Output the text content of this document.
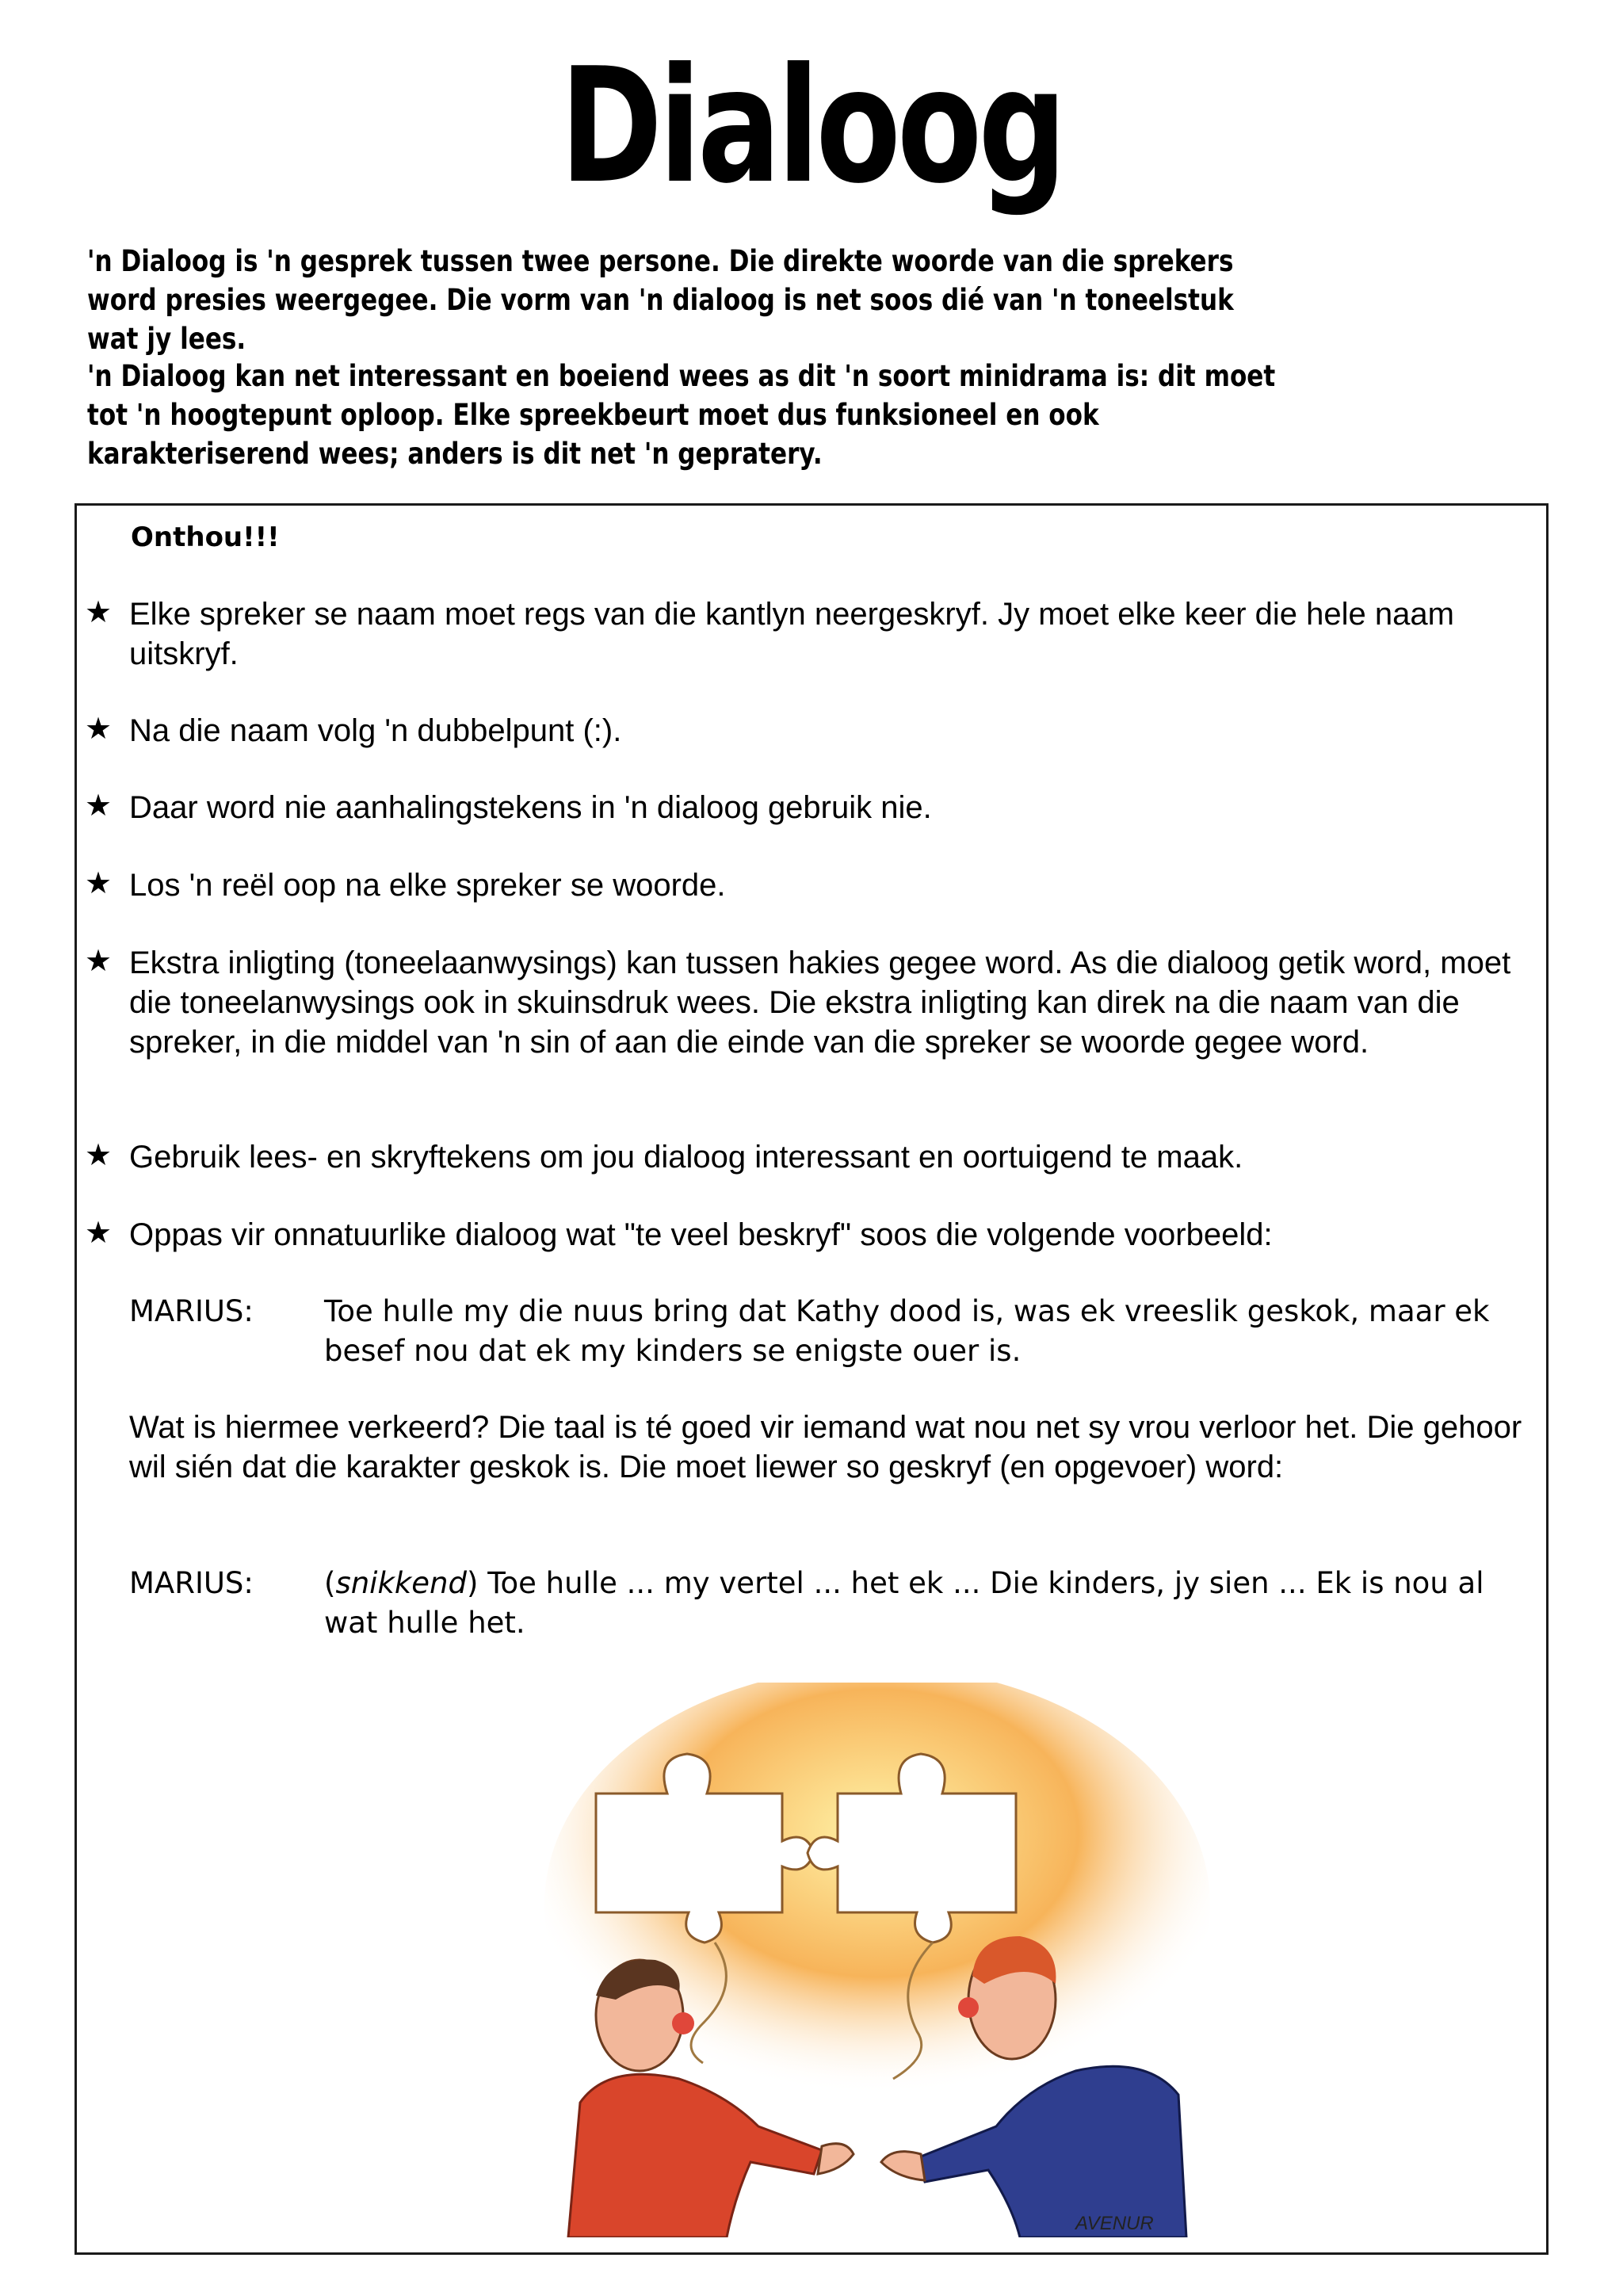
Dialoog

'n Dialoog is 'n gesprek tussen twee persone. Die direkte woorde van die sprekers word presies weergegee. Die vorm van 'n dialoog is net soos dié van 'n toneelstuk wat jy lees.

'n Dialoog kan net interessant en boeiend wees as dit 'n soort minidrama is: dit moet tot 'n hoogtepunt oploop. Elke spreekbeurt moet dus funksioneel en ook karakteriserend wees; anders is dit net 'n gepratery.

Onthou!!!
★ Elke spreker se naam moet regs van die kantlyn neergeskryf. Jy moet elke keer die hele naam uitskryf.
★ Na die naam volg 'n dubbelpunt (:).
★ Daar word nie aanhalingstekens in 'n dialoog gebruik nie.
★ Los 'n reël oop na elke spreker se woorde.
★ Ekstra inligting (toneelaanwysings) kan tussen hakies gegee word. As die dialoog getik word, moet die toneelanwysings ook in skuinsdruk wees. Die ekstra inligting kan direk na die naam van die spreker, in die middel van 'n sin of aan die einde van die spreker se woorde gegee word.
★ Gebruik lees- en skryftekens om jou dialoog interessant en oortuigend te maak.
★ Oppas vir onnatuurlike dialoog wat "te veel beskryf" soos die volgende voorbeeld:
MARIUS: Toe hulle my die nuus bring dat Kathy dood is, was ek vreeslik geskok, maar ek besef nou dat ek my kinders se enigste ouer is.
Wat is hiermee verkeerd? Die taal is té goed vir iemand wat nou net sy vrou verloor het. Die gehoor wil sién dat die karakter geskok is. Die moet liewer so geskryf (en opgevoer) word:
MARIUS: (snikkend) Toe hulle ... my vertel ... het ek ... Die kinders, jy sien ... Ek is nou al wat hulle het.
AVENUR
